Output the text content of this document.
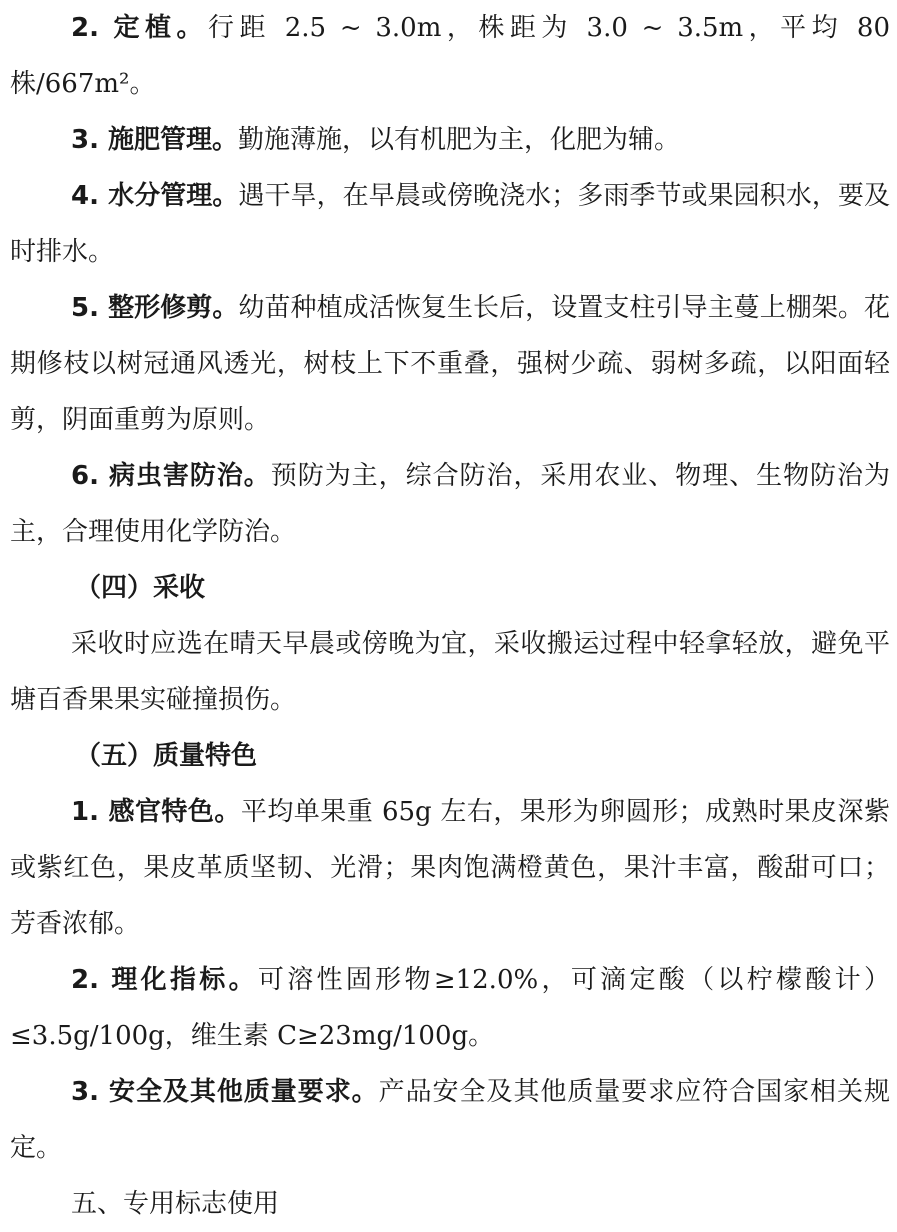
2. 定植。行距 2.5 ~ 3.0m，株距为 3.0 ~ 3.5m，平均 80 株/667m²。

3. 施肥管理。勤施薄施，以有机肥为主，化肥为辅。

4. 水分管理。遇干旱，在早晨或傍晚浇水；多雨季节或果园积水，要及时排水。

5. 整形修剪。幼苗种植成活恢复生长后，设置支柱引导主蔓上棚架。花期修枝以树冠通风透光，树枝上下不重叠，强树少疏、弱树多疏，以阳面轻剪，阴面重剪为原则。

6. 病虫害防治。预防为主，综合防治，采用农业、物理、生物防治为主，合理使用化学防治。

（四）采收

采收时应选在晴天早晨或傍晚为宜，采收搬运过程中轻拿轻放，避免平塘百香果果实碰撞损伤。

（五）质量特色

1. 感官特色。平均单果重 65g 左右，果形为卵圆形；成熟时果皮深紫或紫红色，果皮革质坚韧、光滑；果肉饱满橙黄色，果汁丰富，酸甜可口；芳香浓郁。

2. 理化指标。可溶性固形物≥12.0%，可滴定酸（以柠檬酸计）≤3.5g/100g，维生素 C≥23mg/100g。

3. 安全及其他质量要求。产品安全及其他质量要求应符合国家相关规定。

五、专用标志使用
